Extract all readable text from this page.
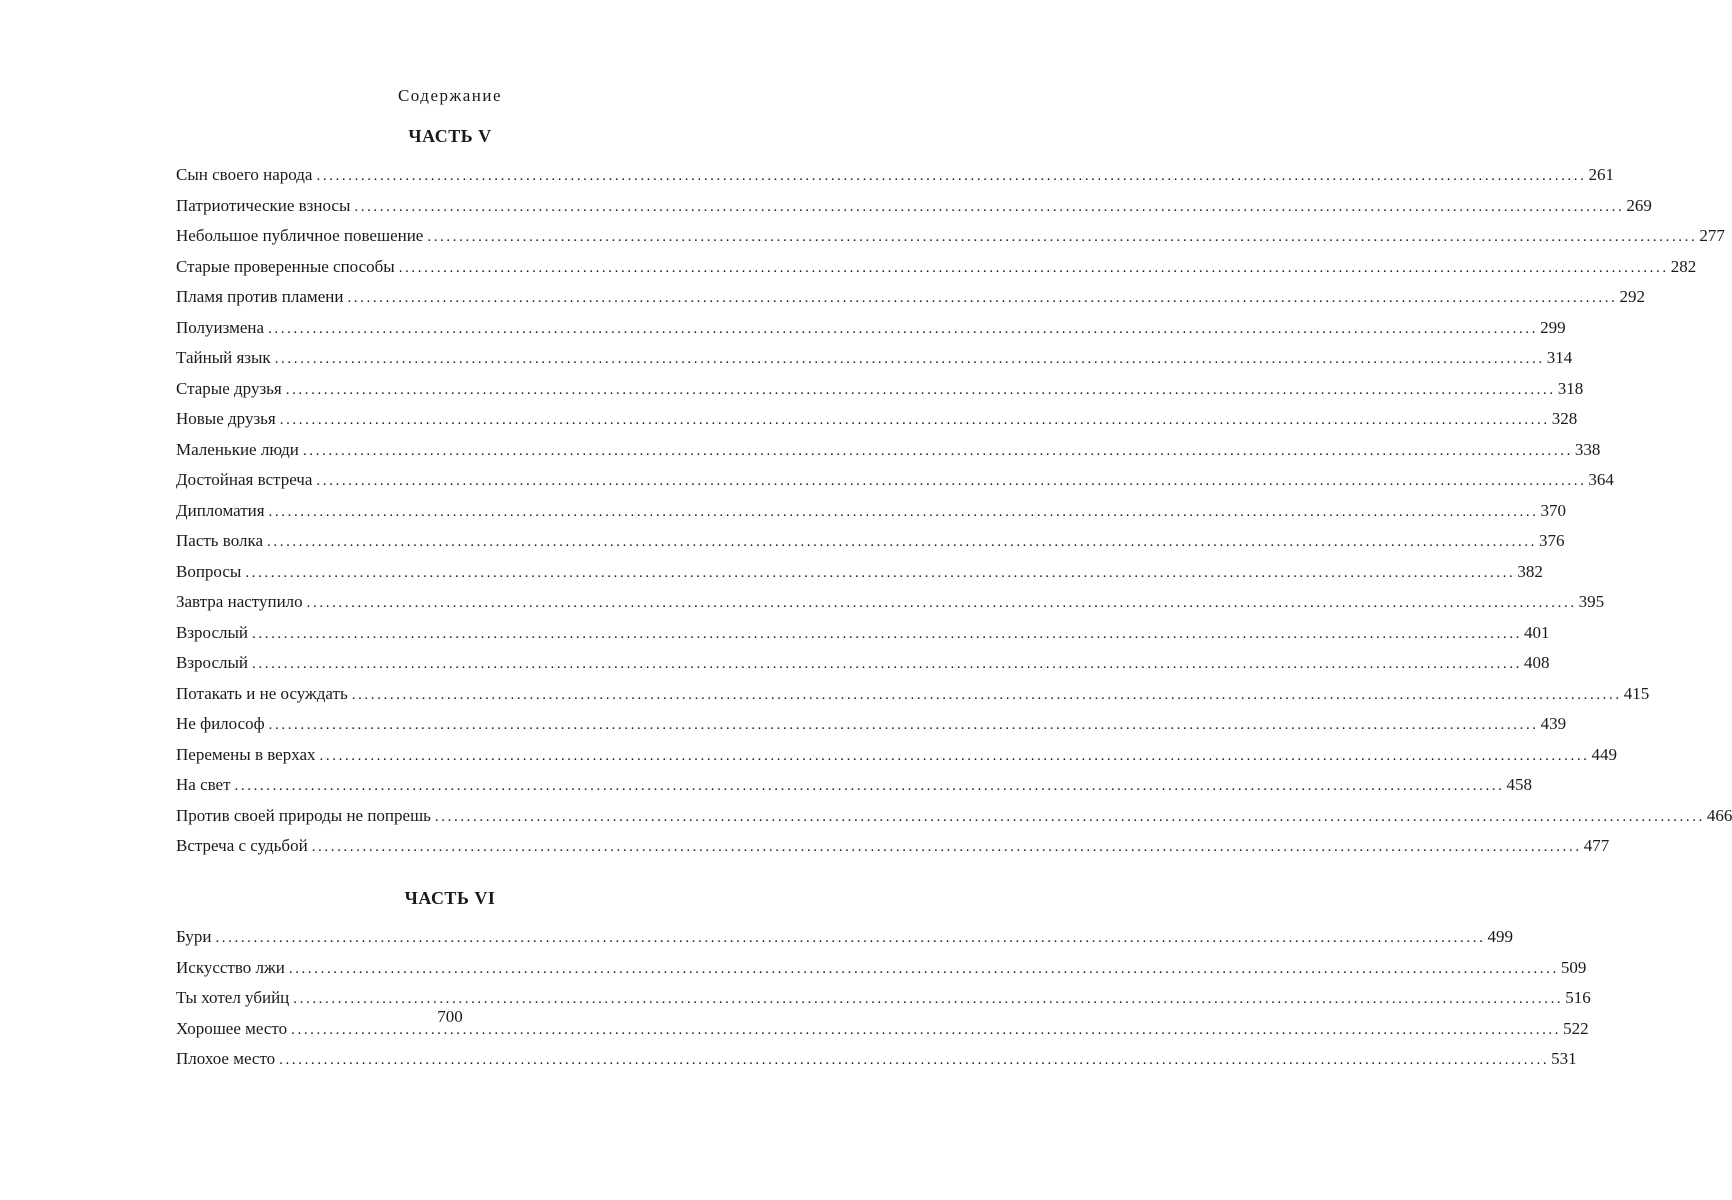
Содержание
ЧАСТЬ V
Сын своего народа ........................................................................................................................................................................................................ 261
Патриотические взносы ........................................................................................................................................................................................................ 269
Небольшое публичное повешение ........................................................................................................................................................................................................ 277
Старые проверенные способы ........................................................................................................................................................................................................ 282
Пламя против пламени ........................................................................................................................................................................................................ 292
Полуизмена ........................................................................................................................................................................................................ 299
Тайный язык ........................................................................................................................................................................................................ 314
Старые друзья ........................................................................................................................................................................................................ 318
Новые друзья ........................................................................................................................................................................................................ 328
Маленькие люди ........................................................................................................................................................................................................ 338
Достойная встреча ........................................................................................................................................................................................................ 364
Дипломатия ........................................................................................................................................................................................................ 370
Пасть волка ........................................................................................................................................................................................................ 376
Вопросы ........................................................................................................................................................................................................ 382
Завтра наступило ........................................................................................................................................................................................................ 395
Взрослый ........................................................................................................................................................................................................ 401
Взрослый ........................................................................................................................................................................................................ 408
Потакать и не осуждать ........................................................................................................................................................................................................ 415
Не философ ........................................................................................................................................................................................................ 439
Перемены в верхах ........................................................................................................................................................................................................ 449
На свет ........................................................................................................................................................................................................ 458
Против своей природы не попрешь ........................................................................................................................................................................................................ 466
Встреча с судьбой ........................................................................................................................................................................................................ 477
ЧАСТЬ VI
Бури ........................................................................................................................................................................................................ 499
Искусство лжи ........................................................................................................................................................................................................ 509
Ты хотел убийц ........................................................................................................................................................................................................ 516
Хорошее место ........................................................................................................................................................................................................ 522
Плохое место ........................................................................................................................................................................................................ 531
700
